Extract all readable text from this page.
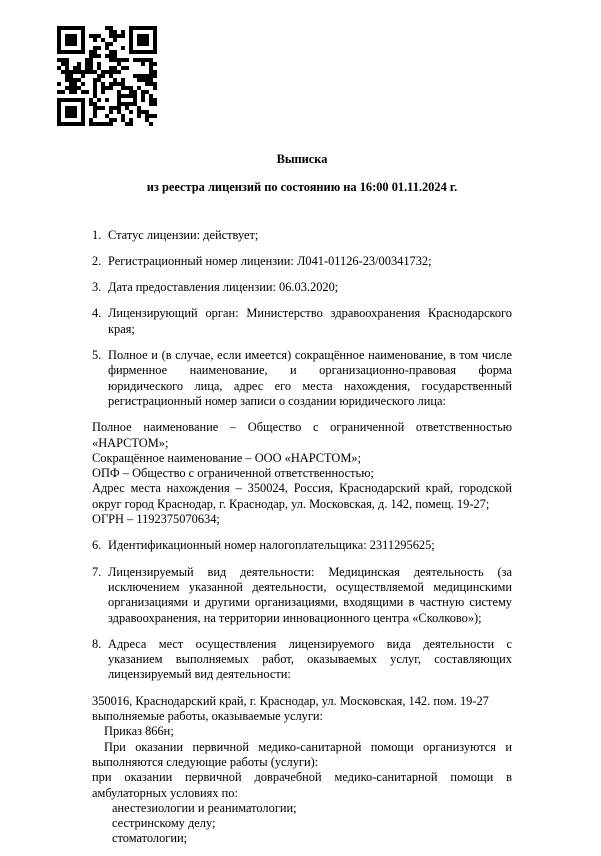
Выписка

из реестра лицензий по состоянию на 16:00 01.11.2024 г.

1. Статус лицензии: действует;

2. Регистрационный номер лицензии: Л041-01126-23/00341732;

3. Дата предоставления лицензии: 06.03.2020;

4. Лицензирующий орган: Министерство здравоохранения Краснодарского края;

5. Полное и (в случае, если имеется) сокращённое наименование, в том числе фирменное наименование, и организационно-правовая форма юридического лица, адрес его места нахождения, государственный регистрационный номер записи о создании юридического лица:

Полное наименование – Общество с ограниченной ответственностью «НАРСТОМ»;

Сокращённое наименование – ООО «НАРСТОМ»;

ОПФ – Общество с ограниченной ответственностью;

Адрес места нахождения – 350024, Россия, Краснодарский край, городской округ город Краснодар, г. Краснодар, ул. Московская, д. 142, помещ. 19-27;

ОГРН – 1192375070634;

6. Идентификационный номер налогоплательщика: 2311295625;

7. Лицензируемый вид деятельности: Медицинская деятельность (за исключением указанной деятельности, осуществляемой медицинскими организациями и другими организациями, входящими в частную систему здравоохранения, на территории инновационного центра «Сколково»);

8. Адреса мест осуществления лицензируемого вида деятельности с указанием выполняемых работ, оказываемых услуг, составляющих лицензируемый вид деятельности:

350016, Краснодарский край, г. Краснодар, ул. Московская, 142. пом. 19-27

выполняемые работы, оказываемые услуги:

Приказ 866н;

При оказании первичной медико-санитарной помощи организуются и выполняются следующие работы (услуги):

при оказании первичной доврачебной медико-санитарной помощи в амбулаторных условиях по:

анестезиологии и реаниматологии;

сестринскому делу;

стоматологии;
